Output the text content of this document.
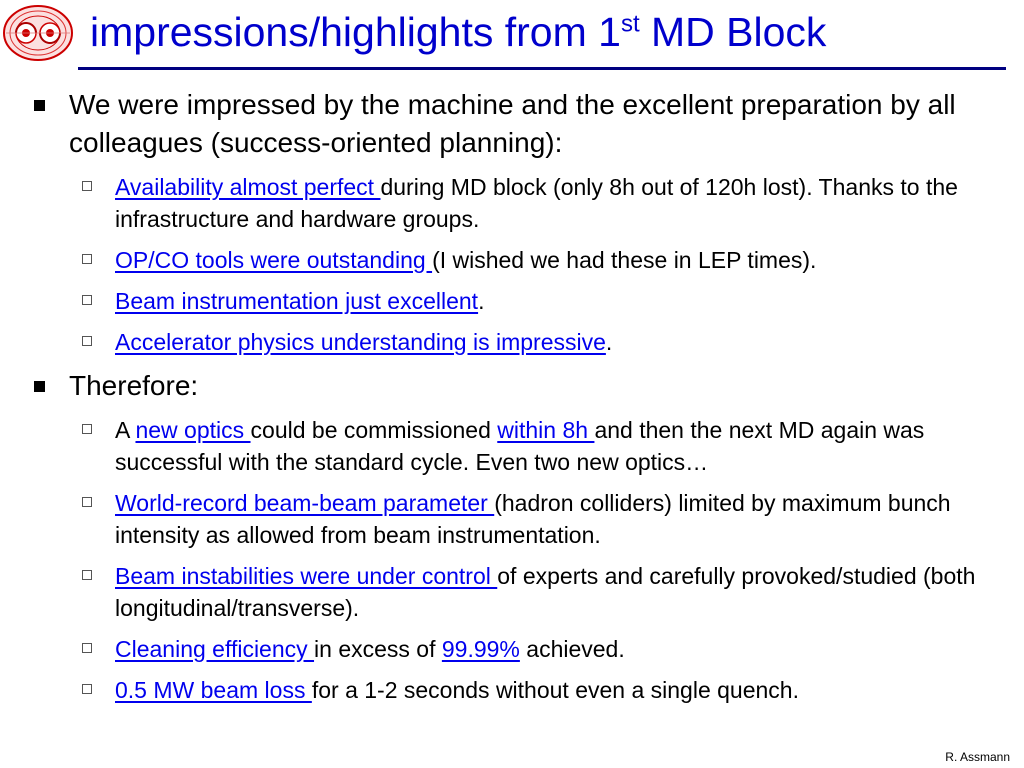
impressions/highlights from 1st MD Block
We were impressed by the machine and the excellent preparation by all colleagues (success-oriented planning):
Availability almost perfect during MD block (only 8h out of 120h lost). Thanks to the infrastructure and hardware groups.
OP/CO tools were outstanding (I wished we had these in LEP times).
Beam instrumentation just excellent.
Accelerator physics understanding is impressive.
Therefore:
A new optics could be commissioned within 8h and then the next MD again was successful with the standard cycle. Even two new optics…
World-record beam-beam parameter (hadron colliders) limited by maximum bunch intensity as allowed from beam instrumentation.
Beam instabilities were under control of experts and carefully provoked/studied (both longitudinal/transverse).
Cleaning efficiency in excess of 99.99% achieved.
0.5 MW beam loss for a 1-2 seconds without even a single quench.
R. Assmann
